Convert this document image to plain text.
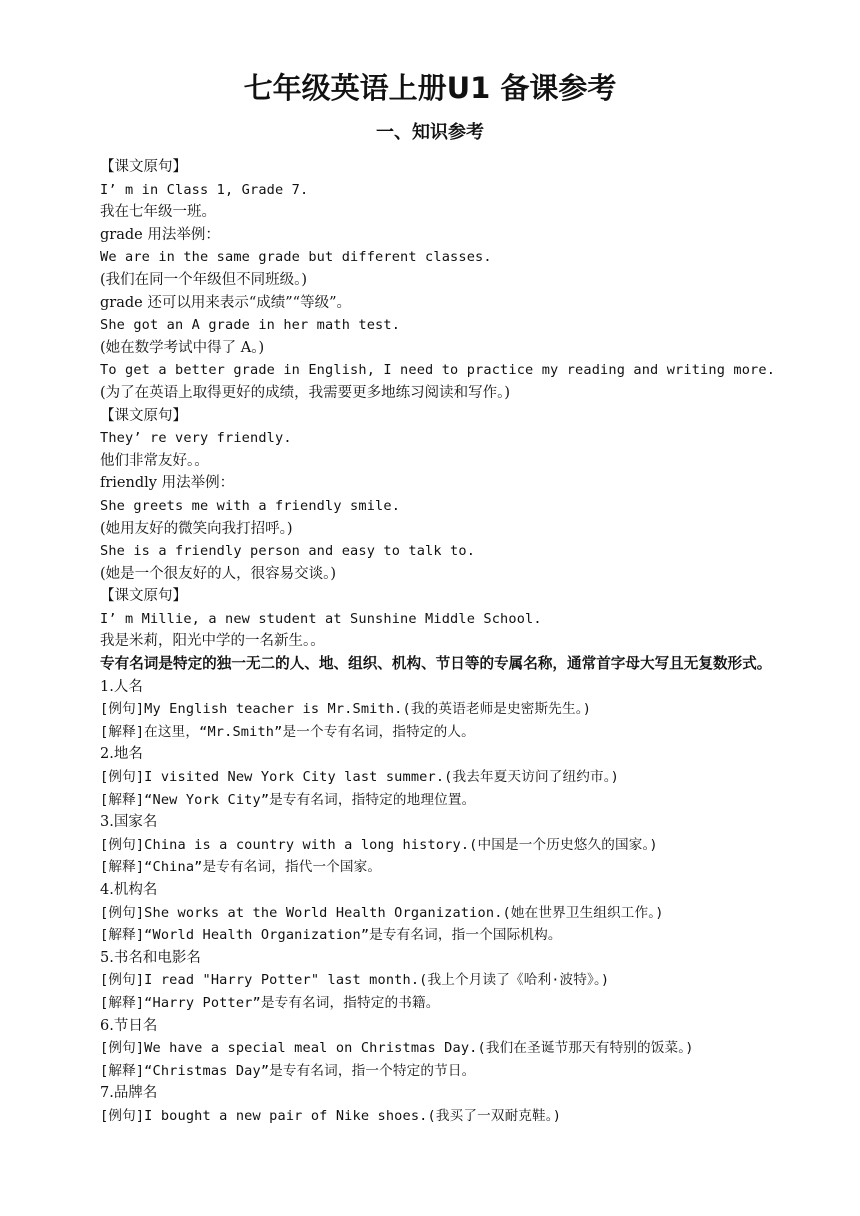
七年级英语上册U1 备课参考
一、知识参考
【课文原句】
I’ m in Class 1, Grade 7.
我在七年级一班。
grade 用法举例：
We are in the same grade but different classes.
(我们在同一个年级但不同班级。)
grade 还可以用来表示“成绩”“等级”。
She got an A grade in her math test.
(她在数学考试中得了 A。)
To get a better grade in English, I need to practice my reading and writing more.
(为了在英语上取得更好的成绩，我需要更多地练习阅读和写作。)
【课文原句】
They’ re very friendly.
他们非常友好。。
friendly 用法举例：
She greets me with a friendly smile.
(她用友好的微笑向我打招呼。)
She is a friendly person and easy to talk to.
(她是一个很友好的人，很容易交谈。)
【课文原句】
I’ m Millie, a new student at Sunshine Middle School.
我是米莉，阳光中学的一名新生。。
专有名词是特定的独一无二的人、地、组织、机构、节日等的专属名称，通常首字母大写且无复数形式。
1.人名
[例句]My English teacher is Mr.Smith.(我的英语老师是史密斯先生。)
[解释]在这里，“Mr.Smith”是一个专有名词，指特定的人。
2.地名
[例句]I visited New York City last summer.(我去年夏天访问了纽约市。)
[解释]“New York City”是专有名词，指特定的地理位置。
3.国家名
[例句]China is a country with a long history.(中国是一个历史悠久的国家。)
[解释]“China”是专有名词，指代一个国家。
4.机构名
[例句]She works at the World Health Organization.(她在世界卫生组织工作。)
[解释]“World Health Organization”是专有名词，指一个国际机构。
5.书名和电影名
[例句]I read "Harry Potter" last month.(我上个月读了《哈利·波特》。)
[解释]“Harry Potter”是专有名词，指特定的书籍。
6.节日名
[例句]We have a special meal on Christmas Day.(我们在圣诞节那天有特别的饭菜。)
[解释]“Christmas Day”是专有名词，指一个特定的节日。
7.品牌名
[例句]I bought a new pair of Nike shoes.(我买了一双耐克鞋。)
